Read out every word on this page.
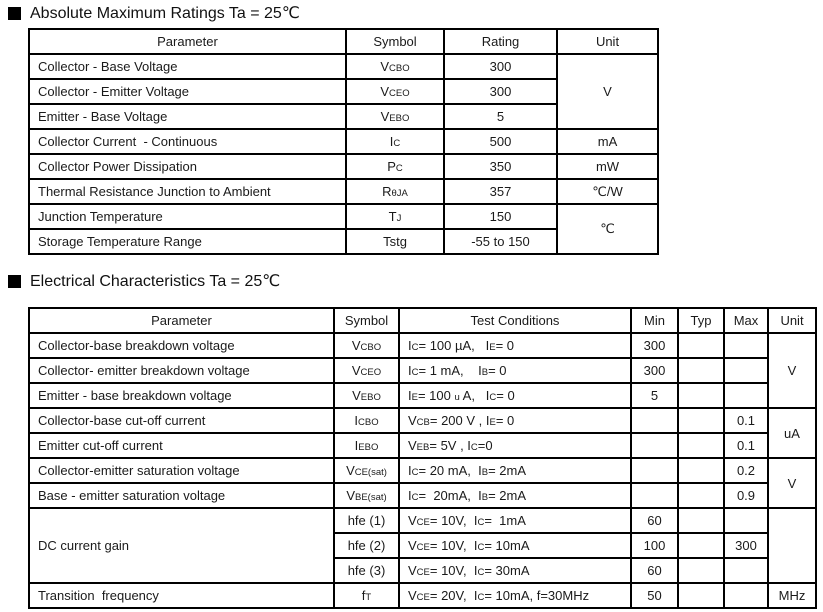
Absolute Maximum Ratings Ta = 25℃
Parameter	Symbol	Rating	Unit
Collector - Base Voltage	VCBO	300	V
Collector - Emitter Voltage	VCEO	300	
Emitter - Base Voltage	VEBO	5	
Collector Current  - Continuous	IC	500	mA
Collector Power Dissipation	PC	350	mW
Thermal Resistance Junction to Ambient	RθJA	357	℃/W
Junction Temperature	TJ	150	℃
Storage Temperature Range	Tstg	-55 to 150	
Electrical Characteristics Ta = 25℃
Parameter	Symbol	Test Conditions	Min	Typ	Max	Unit
Collector-base breakdown voltage	VCBO	IC= 100 µA,   IE= 0	300			V
Collector- emitter breakdown voltage	VCEO	IC= 1 mA,    IB= 0	300			
Emitter - base breakdown voltage	VEBO	IE= 100 u A,   IC= 0	5			
Collector-base cut-off current	ICBO	VCB= 200 V , IE= 0			0.1	uA
Emitter cut-off current	IEBO	VEB= 5V , IC=0			0.1	
Collector-emitter saturation voltage	VCE(sat)	IC= 20 mA,  IB= 2mA			0.2	V
Base - emitter saturation voltage	VBE(sat)	IC=  20mA,  IB= 2mA			0.9	
DC current gain	hfe (1)	VCE= 10V,  IC=  1mA	60			
	hfe (2)	VCE= 10V,  IC= 10mA	100		300	
	hfe (3)	VCE= 10V,  IC= 30mA	60			
Transition  frequency	fT	VCE= 20V,  IC= 10mA, f=30MHz	50			MHz
